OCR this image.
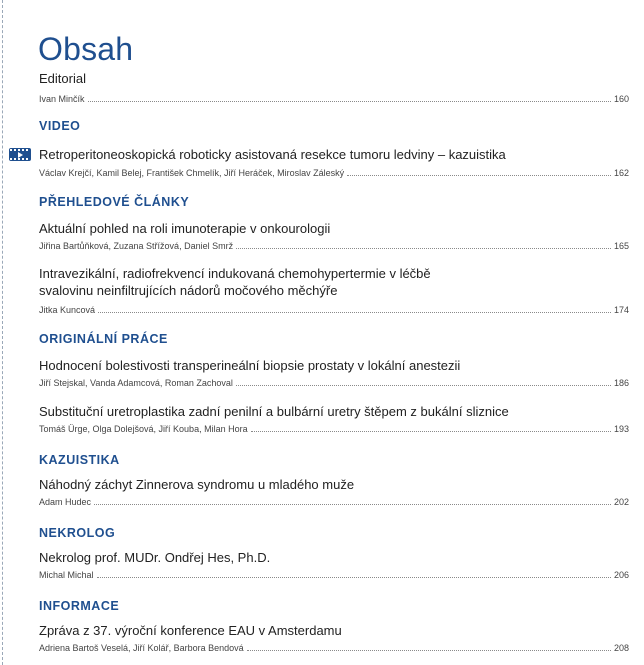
Obsah
Editorial
Ivan Minčík	160
VIDEO
Retroperitoneoskopická roboticky asistovaná resekce tumoru ledviny – kazuistika
Václav Krejčí, Kamil Belej, František Chmelík, Jiří Heráček, Miroslav Záleský	162
PŘEHLEDOVÉ ČLÁNKY
Aktuální pohled na roli imunoterapie v onkourologii
Jiřina Bartůňková, Zuzana Střížová, Daniel Smrž	165
Intravezikální, radiofrekvencí indukovaná chemohypertermie v léčbě svalovinu neinfiltrujících nádorů močového měchýře
Jitka Kuncová	174
ORIGINÁLNÍ PRÁCE
Hodnocení bolestivosti transperineální biopsie prostaty v lokální anestezii
Jiří Stejskal, Vanda Adamcová, Roman Zachoval	186
Substituční uretroplastika zadní penilní a bulbární uretry štěpem z bukální sliznice
Tomáš Ürge, Olga Dolejšová, Jiří Kouba, Milan Hora	193
KAZUISTIKA
Náhodný záchyt Zinnerova syndromu u mladého muže
Adam Hudec	202
NEKROLOG
Nekrolog prof. MUDr. Ondřej Hes, Ph.D.
Michal Michal	206
INFORMACE
Zpráva z 37. výroční konference EAU v Amsterdamu
Adriena Bartoš Veselá, Jiří Kolář, Barbora Bendová	208
